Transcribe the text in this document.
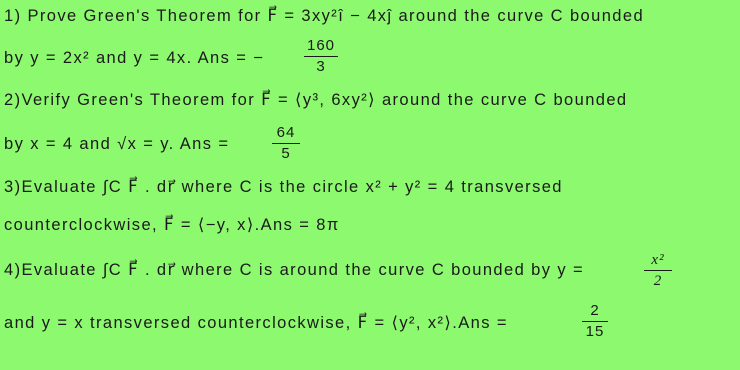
1) Prove Green's Theorem for F⃗ = 3xy²î − 4xĵ around the curve C bounded
by y = 2x² and y = 4x. Ans = −
160
3
2)Verify Green's Theorem for F⃗ = ⟨y³, 6xy²⟩ around the curve C bounded
by x = 4 and √x = y. Ans =
64
5
3)Evaluate ∫C F⃗ . dr⃗ where C is the circle x² + y² = 4 transversed
counterclockwise, F⃗ = ⟨−y, x⟩.Ans = 8π
4)Evaluate ∫C F⃗ . dr⃗ where C is around the curve C bounded by y =
x²
2
and y = x transversed counterclockwise, F⃗ = ⟨y², x²⟩.Ans =
2
15
